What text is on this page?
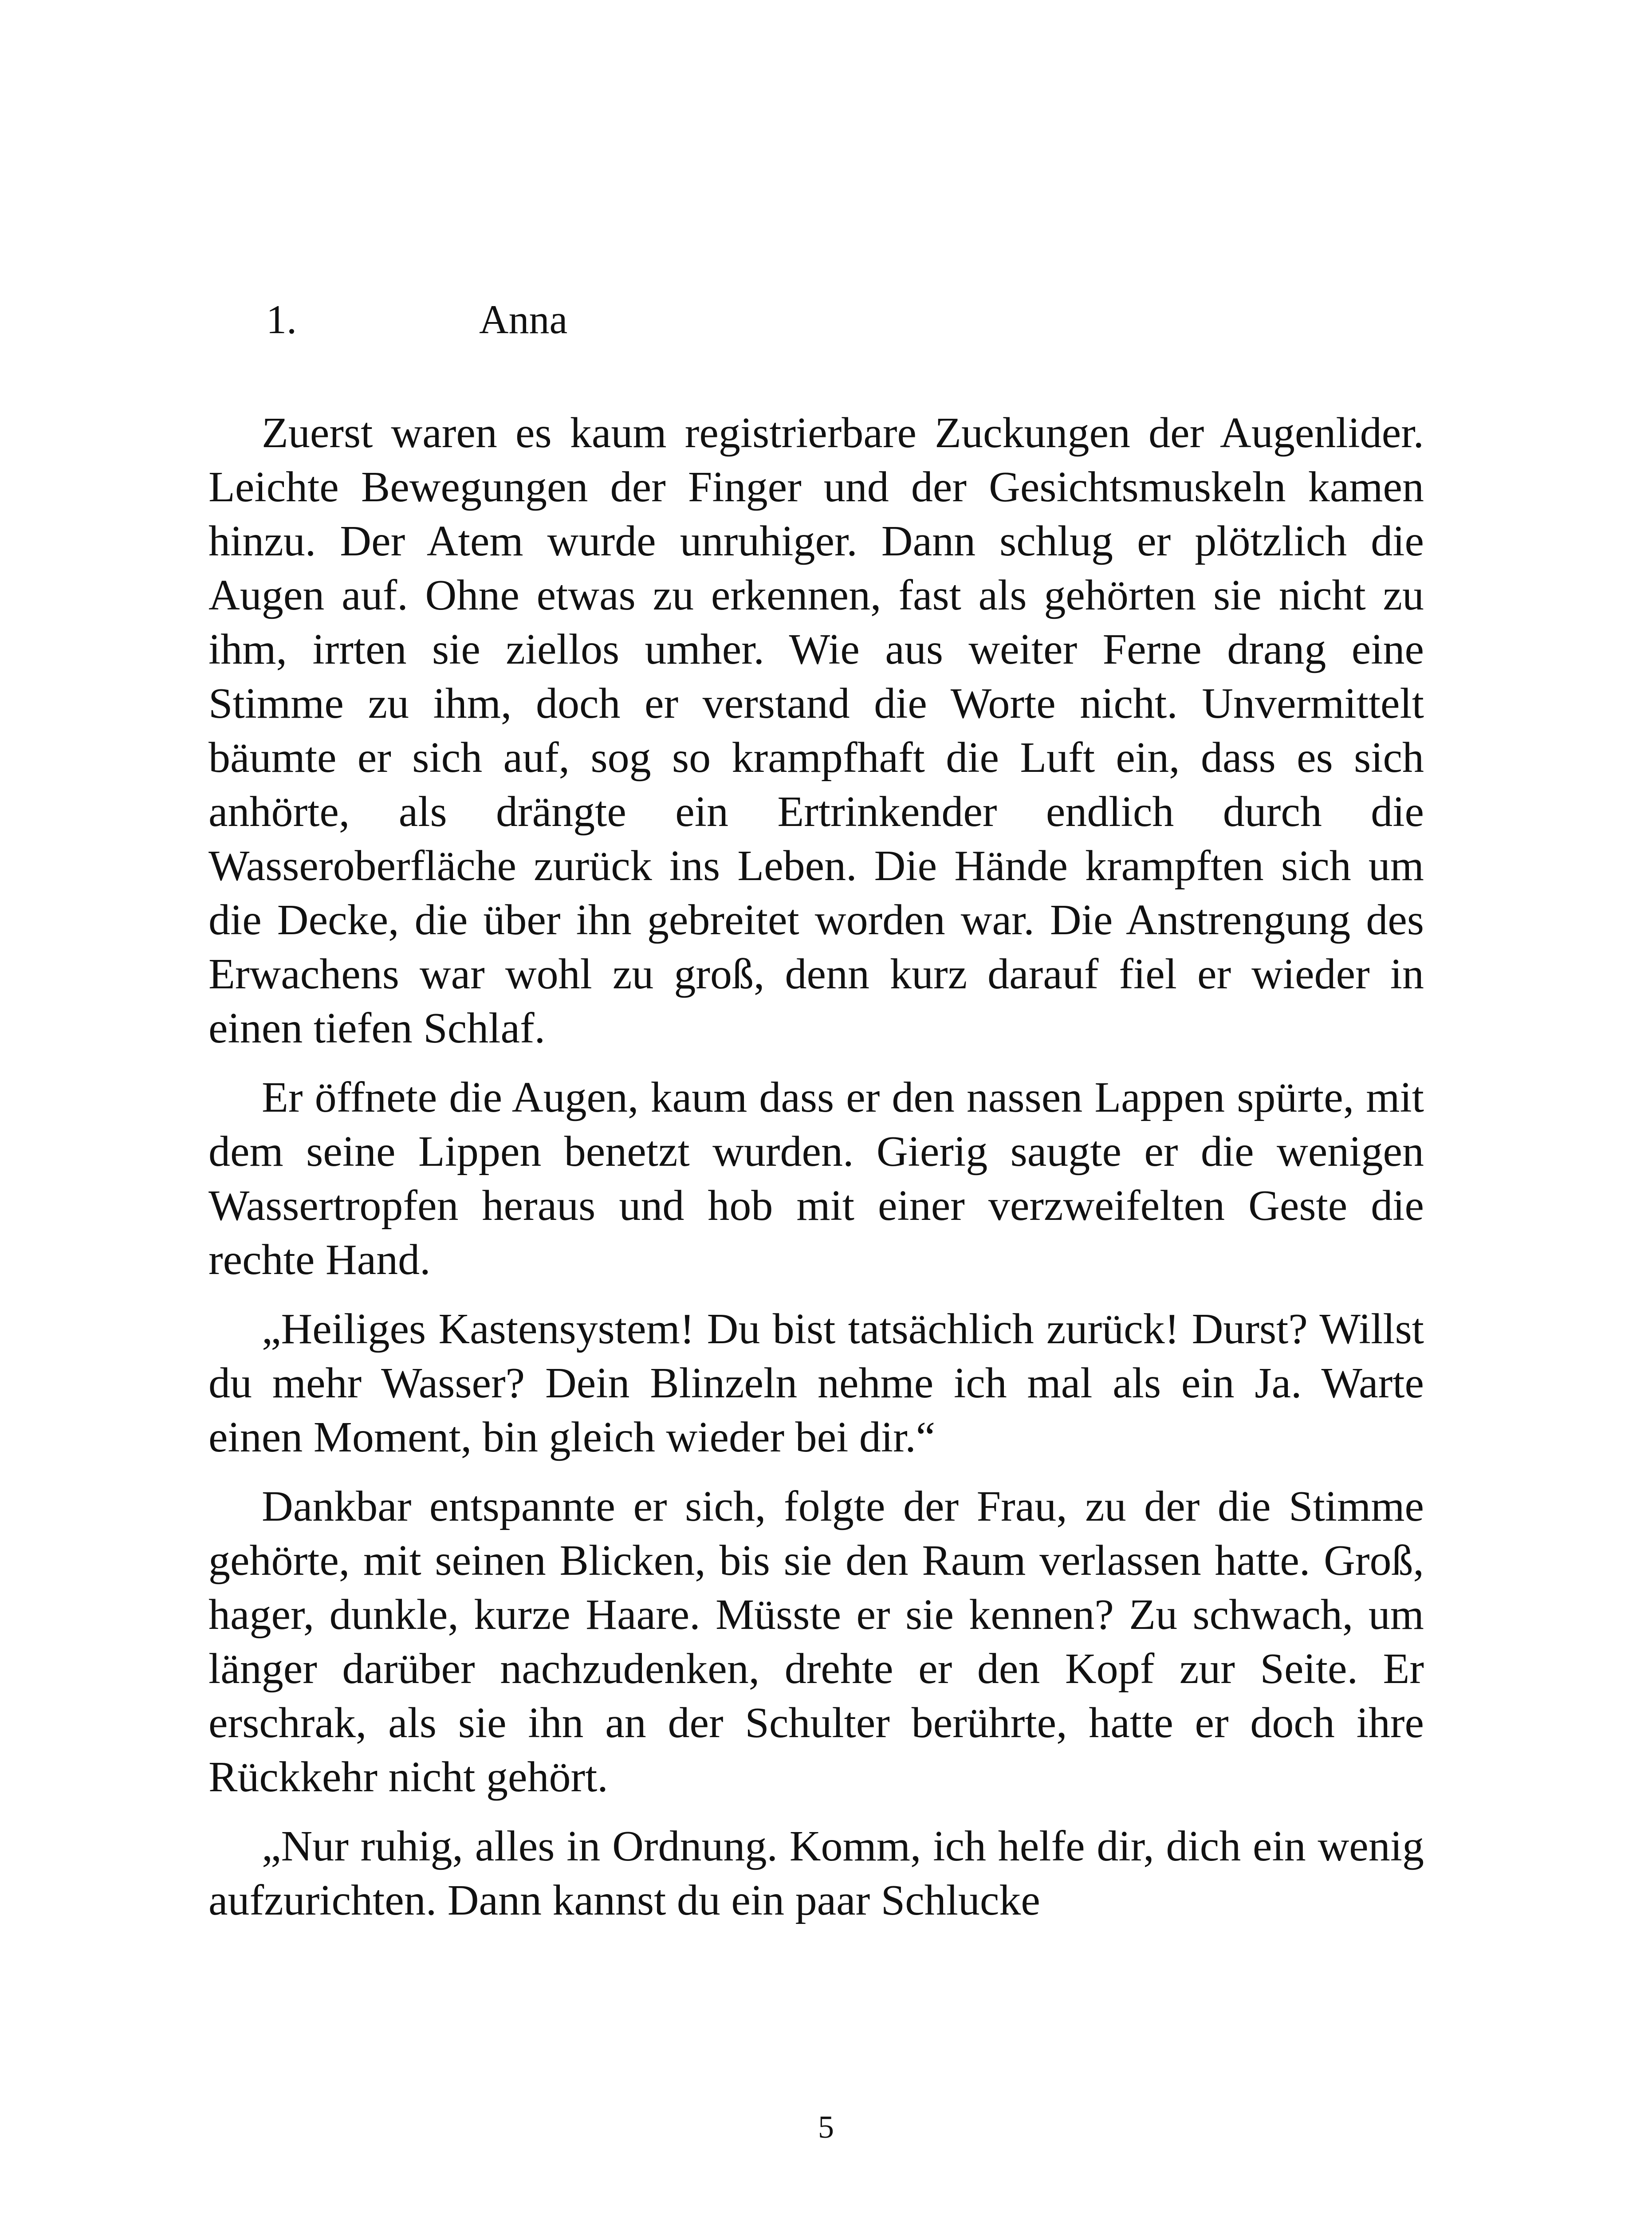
1.	Anna

Zuerst waren es kaum registrierbare Zuckungen der Augenlider. Leichte Bewegungen der Finger und der Gesichtsmuskeln kamen hinzu. Der Atem wurde unruhiger. Dann schlug er plötzlich die Augen auf. Ohne etwas zu erkennen, fast als gehörten sie nicht zu ihm, irrten sie ziellos umher. Wie aus weiter Ferne drang eine Stimme zu ihm, doch er verstand die Worte nicht. Unvermittelt bäumte er sich auf, sog so krampfhaft die Luft ein, dass es sich anhörte, als drängte ein Ertrinkender endlich durch die Wasseroberfläche zurück ins Leben. Die Hände krampften sich um die Decke, die über ihn gebreitet worden war. Die Anstrengung des Erwachens war wohl zu groß, denn kurz darauf fiel er wieder in einen tiefen Schlaf.

Er öffnete die Augen, kaum dass er den nassen Lappen spürte, mit dem seine Lippen benetzt wurden. Gierig saugte er die wenigen Wassertropfen heraus und hob mit einer verzweifelten Geste die rechte Hand.

„Heiliges Kastensystem! Du bist tatsächlich zurück! Durst? Willst du mehr Wasser? Dein Blinzeln nehme ich mal als ein Ja. Warte einen Moment, bin gleich wieder bei dir.“

Dankbar entspannte er sich, folgte der Frau, zu der die Stimme gehörte, mit seinen Blicken, bis sie den Raum verlassen hatte. Groß, hager, dunkle, kurze Haare. Müsste er sie kennen? Zu schwach, um länger darüber nachzudenken, drehte er den Kopf zur Seite. Er erschrak, als sie ihn an der Schulter berührte, hatte er doch ihre Rückkehr nicht gehört.

„Nur ruhig, alles in Ordnung. Komm, ich helfe dir, dich ein wenig aufzurichten. Dann kannst du ein paar Schlucke

5
